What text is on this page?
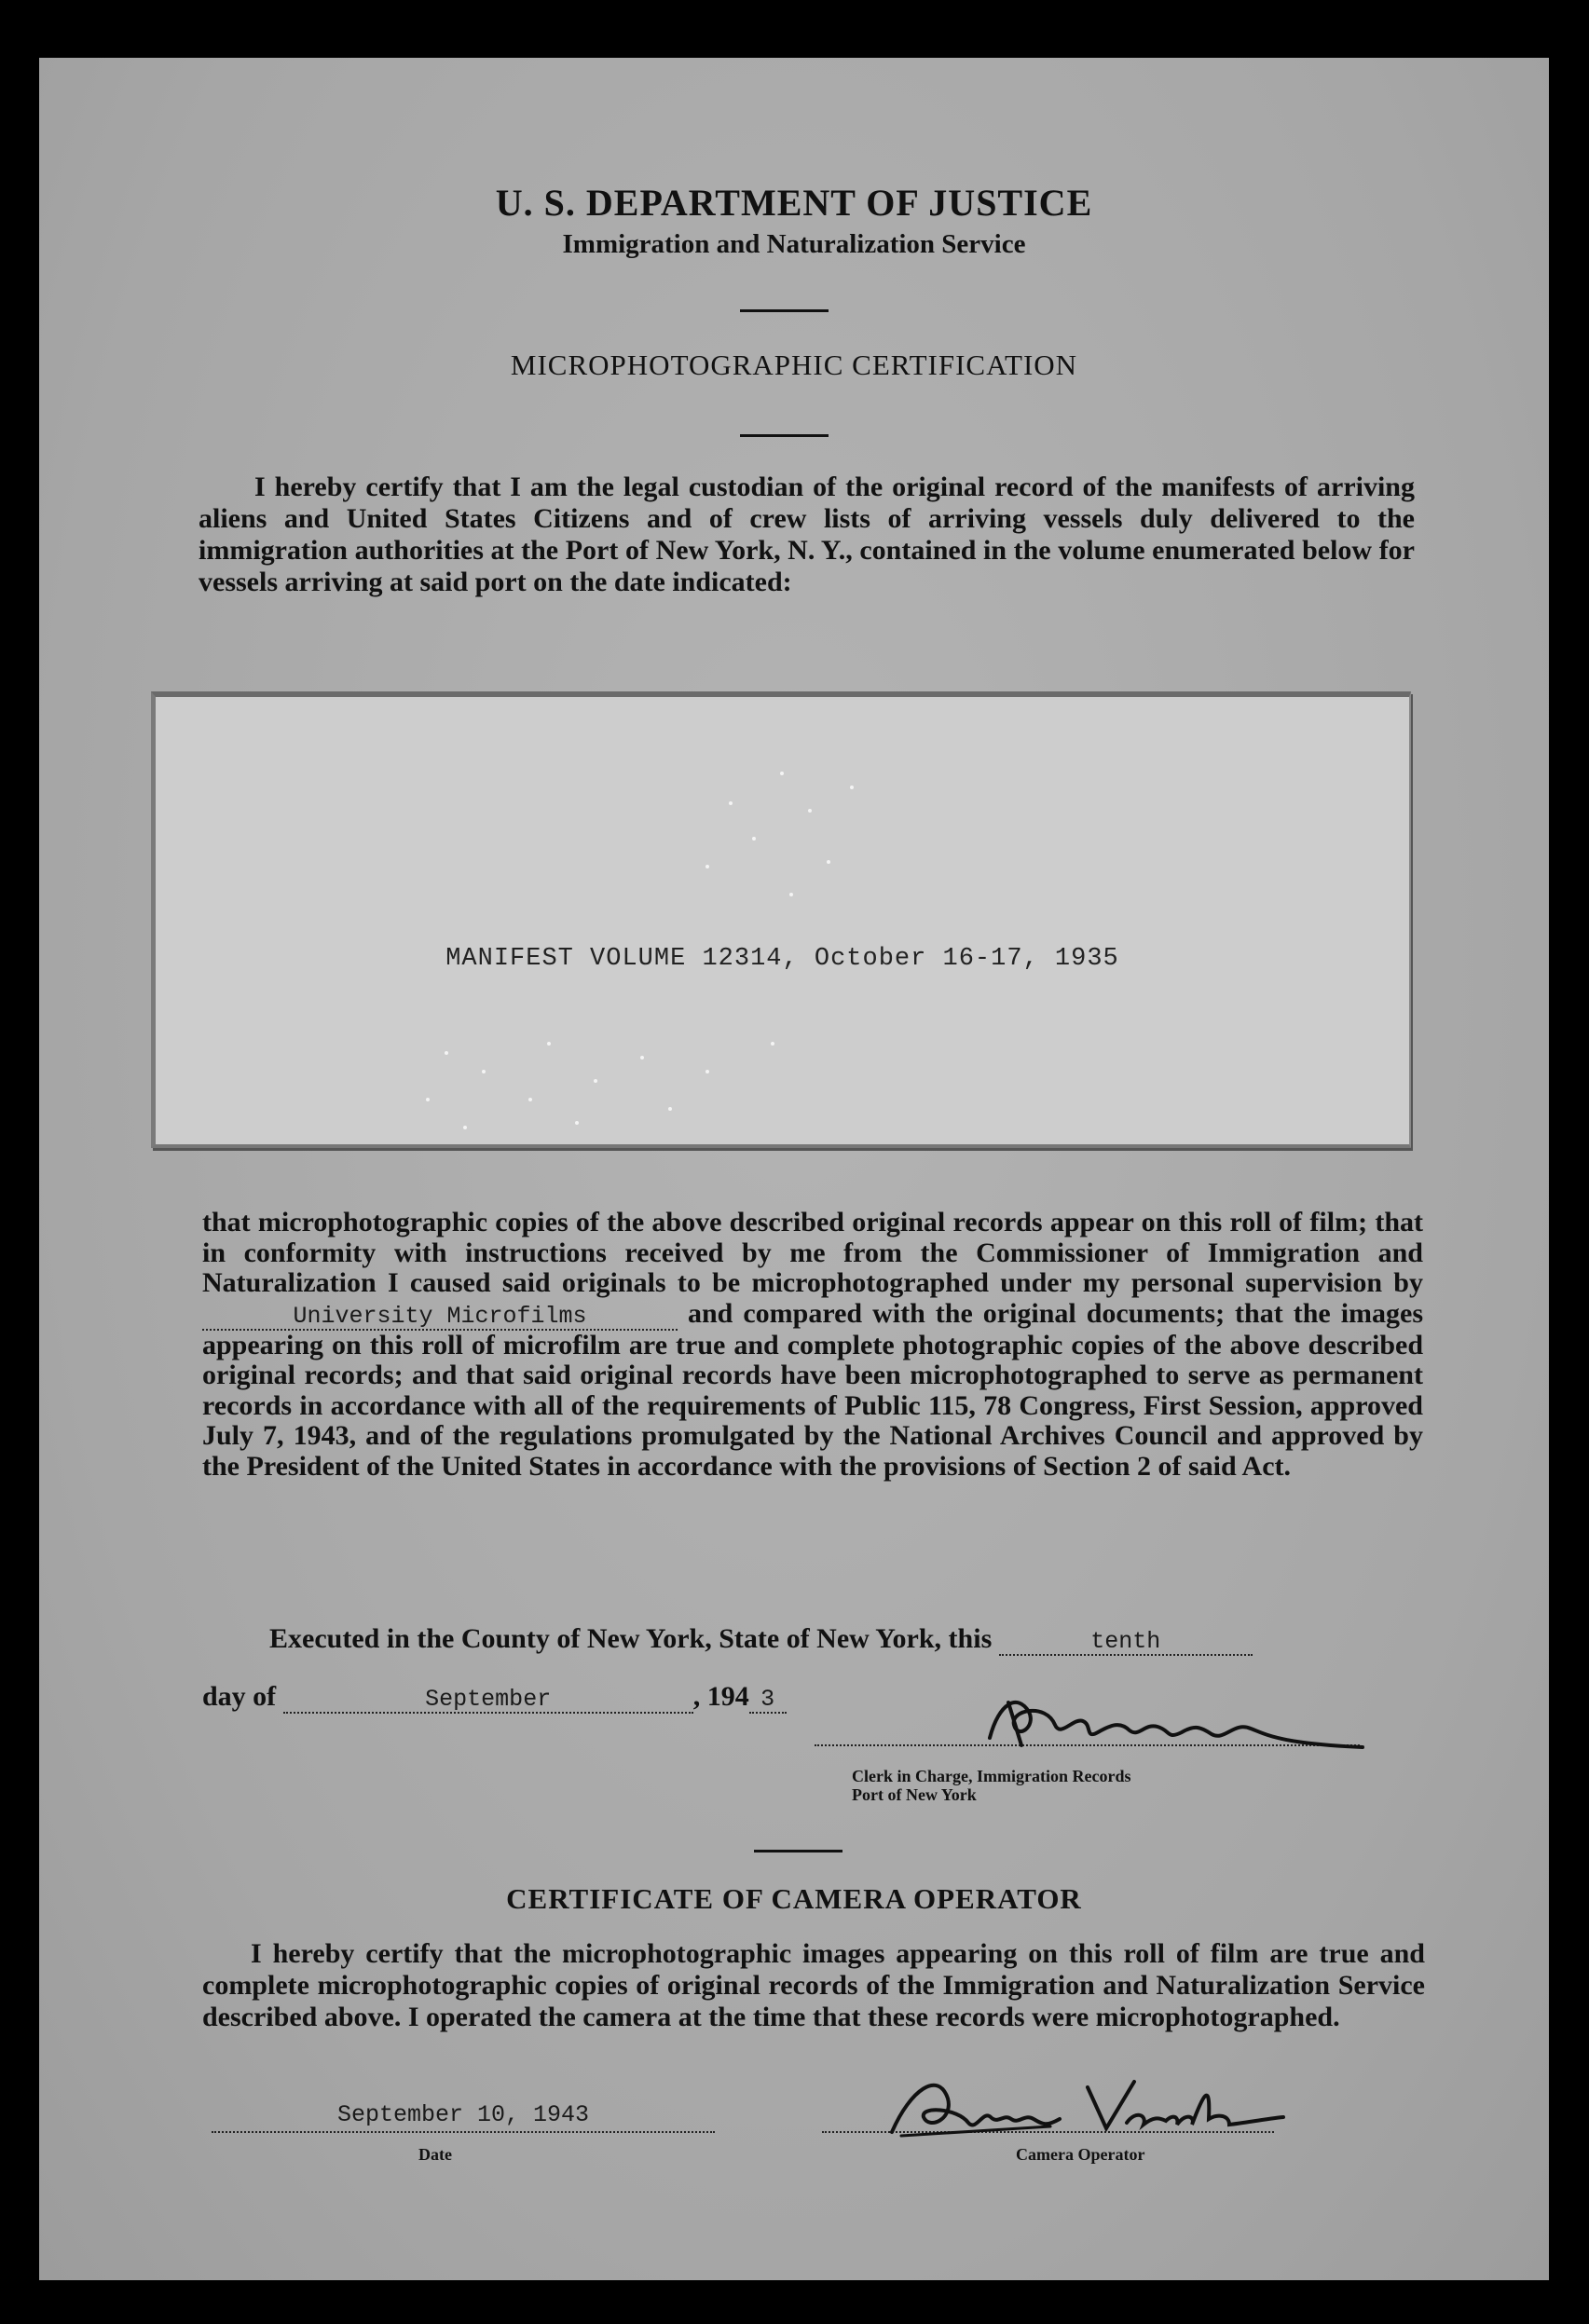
U. S. DEPARTMENT OF JUSTICE
Immigration and Naturalization Service
MICROPHOTOGRAPHIC CERTIFICATION
I hereby certify that I am the legal custodian of the original record of the manifests of arriving aliens and United States Citizens and of crew lists of arriving vessels duly delivered to the immigration authorities at the Port of New York, N. Y., contained in the volume enumerated below for vessels arriving at said port on the date indicated:
MANIFEST VOLUME 12314, October 16-17, 1935
that microphotographic copies of the above described original records appear on this roll of film; that in conformity with instructions received by me from the Commissioner of Immigration and Naturalization I caused said originals to be microphotographed under my personal supervision by University Microfilms	and compared with the original documents; that the images appearing on this roll of microfilm are true and complete photographic copies of the above described original records; and that said original records have been microphotographed to serve as permanent records in accordance with all of the requirements of Public 115, 78 Congress, First Session, approved July 7, 1943, and of the regulations promulgated by the National Archives Council and approved by the President of the United States in accordance with the provisions of Section 2 of said Act.
Executed in the County of New York, State of New York, this	tenth
day of	September	, 194 3
Clerk in Charge, Immigration Records
Port of New York
CERTIFICATE OF CAMERA OPERATOR
I hereby certify that the microphotographic images appearing on this roll of film are true and complete microphotographic copies of original records of the Immigration and Naturalization Service described above. I operated the camera at the time that these records were microphotographed.
September 10, 1943
Date	Camera Operator
